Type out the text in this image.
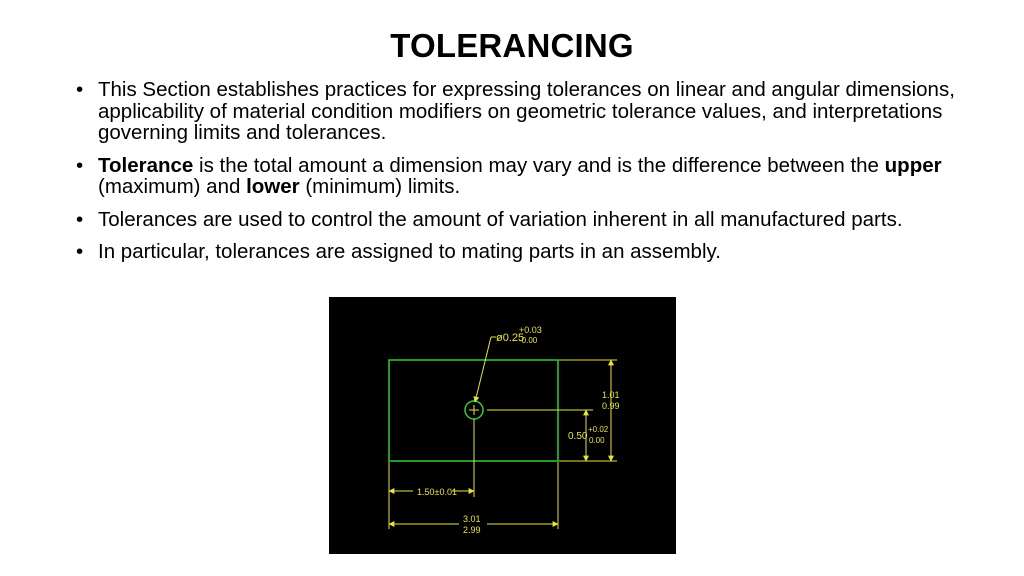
TOLERANCING
• This Section establishes practices for expressing tolerances on linear and angular dimensions, applicability of material condition modifiers on geometric tolerance values, and interpretations governing limits and tolerances.
• Tolerance is the total amount a dimension may vary and is the difference between the upper (maximum) and lower (minimum) limits.
• Tolerances are used to control the amount of variation inherent in all manufactured parts.
• In particular, tolerances are assigned to mating parts in an assembly.
ø0.25
+0.03
-0.00
1.01
0.99
0.50
+0.02
0.00
1.50±0.01
3.01
2.99
